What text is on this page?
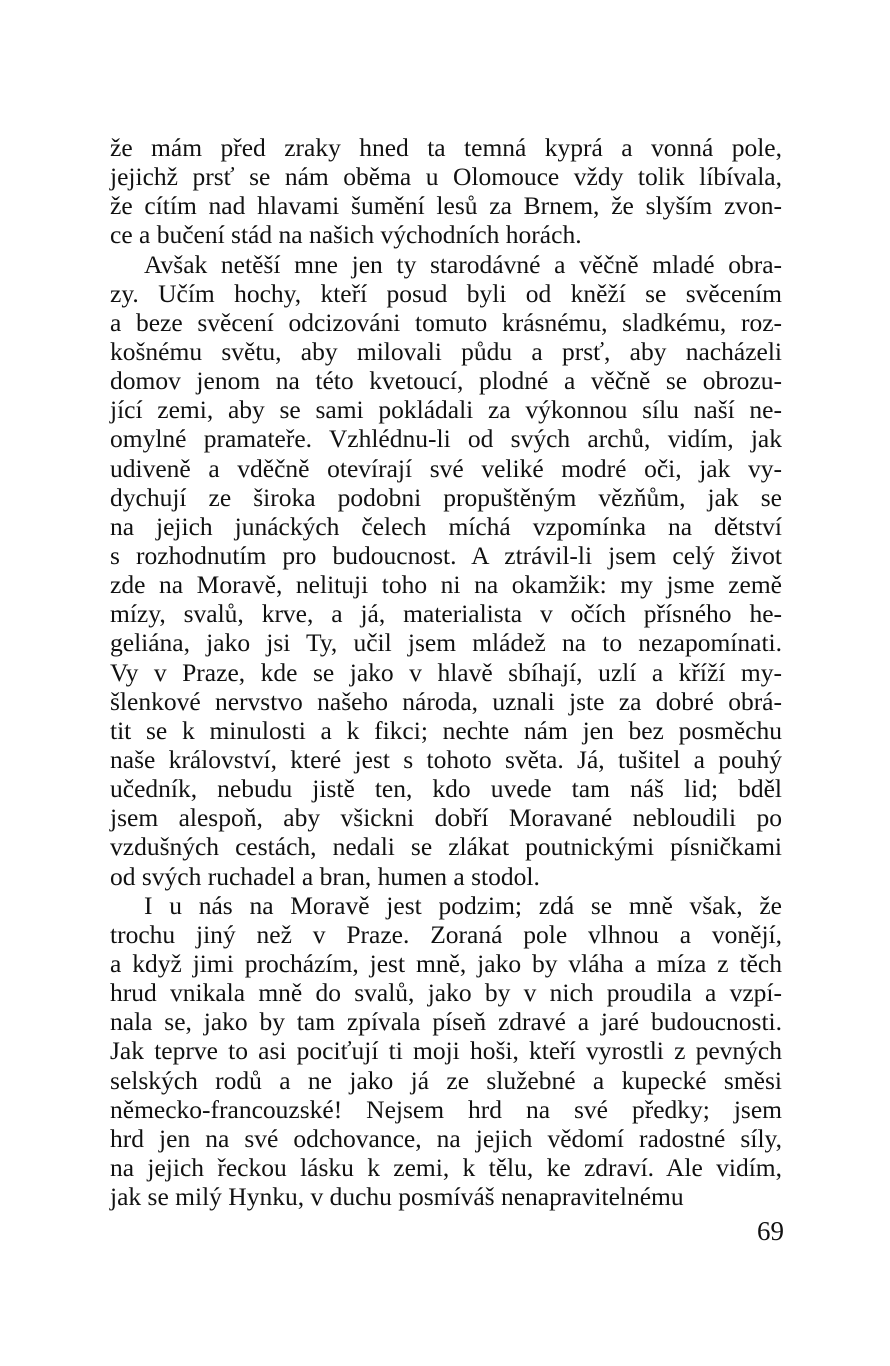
že mám před zraky hned ta temná kyprá a vonná pole,
jejichž prsť se nám oběma u Olomouce vždy tolik líbívala,
že cítím nad hlavami šumění lesů za Brnem, že slyším zvon-
ce a bučení stád na našich východních horách.
Avšak netěší mne jen ty starodávné a věčně mladé obra-
zy. Učím hochy, kteří posud byli od kněží se svěcením
a beze svěcení odcizováni tomuto krásnému, sladkému, roz-
košnému světu, aby milovali půdu a prsť, aby nacházeli
domov jenom na této kvetoucí, plodné a věčně se obrozu-
jící zemi, aby se sami pokládali za výkonnou sílu naší ne-
omylné pramateře. Vzhlédnu-li od svých archů, vidím, jak
udiveně a vděčně otevírají své veliké modré oči, jak vy-
dychují ze široka podobni propuštěným vězňům, jak se
na jejich junáckých čelech míchá vzpomínka na dětství
s rozhodnutím pro budoucnost. A ztrávil-li jsem celý život
zde na Moravě, nelituji toho ni na okamžik: my jsme země
mízy, svalů, krve, a já, materialista v očích přísného he-
geliána, jako jsi Ty, učil jsem mládež na to nezapomínati.
Vy v Praze, kde se jako v hlavě sbíhají, uzlí a kříží my-
šlenkové nervstvo našeho národa, uznali jste za dobré obrá-
tit se k minulosti a k fikci; nechte nám jen bez posměchu
naše království, které jest s tohoto světa. Já, tušitel a pouhý
učedník, nebudu jistě ten, kdo uvede tam náš lid; bděl
jsem alespoň, aby všickni dobří Moravané nebloudili po
vzdušných cestách, nedali se zlákat poutnickými písničkami
od svých ruchadel a bran, humen a stodol.
I u nás na Moravě jest podzim; zdá se mně však, že
trochu jiný než v Praze. Zoraná pole vlhnou a vonějí,
a když jimi procházím, jest mně, jako by vláha a míza z těch
hrud vnikala mně do svalů, jako by v nich proudila a vzpí-
nala se, jako by tam zpívala píseň zdravé a jaré budoucnosti.
Jak teprve to asi pociťují ti moji hoši, kteří vyrostli z pevných
selských rodů a ne jako já ze služebné a kupecké směsi
německo-francouzské! Nejsem hrd na své předky; jsem
hrd jen na své odchovance, na jejich vědomí radostné síly,
na jejich řeckou lásku k zemi, k tělu, ke zdraví. Ale vidím,
jak se milý Hynku, v duchu posmíváš nenapravitelnému
69
